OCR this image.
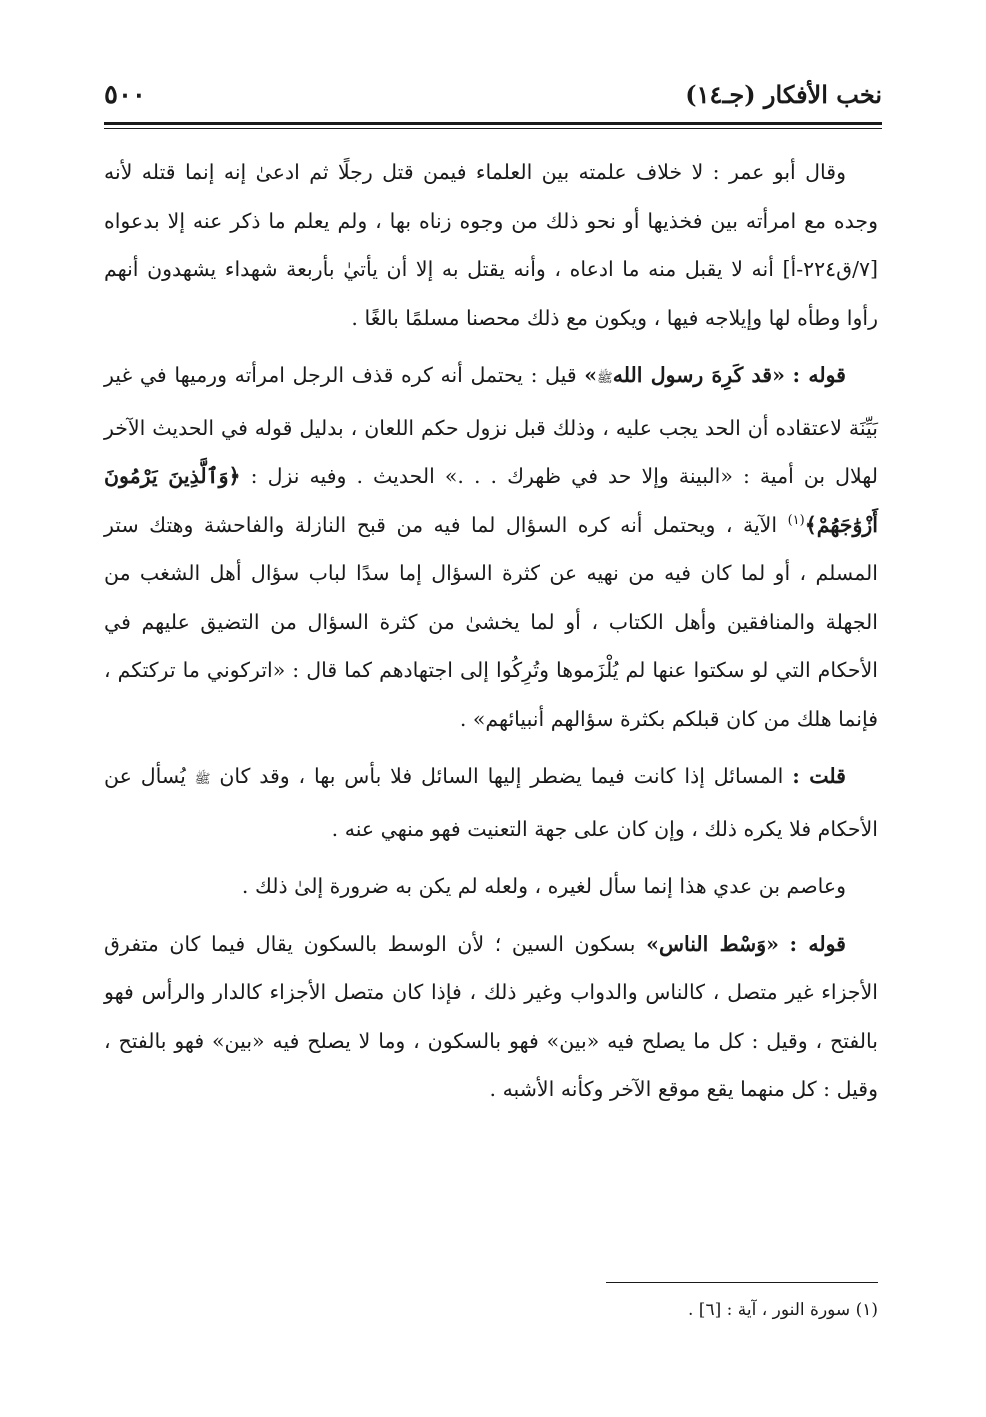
نخب الأفكار (جـ١٤)
٥٠٠

وقال أبو عمر : لا خلاف علمته بين العلماء فيمن قتل رجلًا ثم ادعىٰ إنه إنما قتله لأنه وجده مع امرأته بين فخذيها أو نحو ذلك من وجوه زناه بها ، ولم يعلم ما ذكر عنه إلا بدعواه [٧/ق٢٢٤-أ] أنه لا يقبل منه ما ادعاه ، وأنه يقتل به إلا أن يأتيٰ بأربعة شهداء يشهدون أنهم رأوا وطأه لها وإيلاجه فيها ، ويكون مع ذلك محصنا مسلمًا بالغًا .

قوله : «قد كَرِهَ رسول اللهﷺ» قيل : يحتمل أنه كره قذف الرجل امرأته ورميها في غير بَيِّنَة لاعتقاده أن الحد يجب عليه ، وذلك قبل نزول حكم اللعان ، بدليل قوله في الحديث الآخر لهلال بن أمية : «البينة وإلا حد في ظهرك . . .» الحديث . وفيه نزل : ﴿وَٱلَّذِينَ يَرْمُونَ أَزْوَٰجَهُمْ﴾$^{(١)}$ الآية ، ويحتمل أنه كره السؤال لما فيه من قبح النازلة والفاحشة وهتك ستر المسلم ، أو لما كان فيه من نهيه عن كثرة السؤال إما سدًا لباب سؤال أهل الشغب من الجهلة والمنافقين وأهل الكتاب ، أو لما يخشىٰ من كثرة السؤال من التضيق عليهم في الأحكام التي لو سكتوا عنها لم يُلْزَموها وتُرِكُوا إلى اجتهادهم كما قال : «اتركوني ما تركتكم ، فإنما هلك من كان قبلكم بكثرة سؤالهم أنبيائهم» .

قلت : المسائل إذا كانت فيما يضطر إليها السائل فلا بأس بها ، وقد كان ﷺ يُسأل عن الأحكام فلا يكره ذلك ، وإن كان على جهة التعنيت فهو منهي عنه .

وعاصم بن عدي هذا إنما سأل لغيره ، ولعله لم يكن به ضرورة إلىٰ ذلك .

قوله : «وَسْط الناس» بسكون السين ؛ لأن الوسط بالسكون يقال فيما كان متفرق الأجزاء غير متصل ، كالناس والدواب وغير ذلك ، فإذا كان متصل الأجزاء كالدار والرأس فهو بالفتح ، وقيل : كل ما يصلح فيه «بين» فهو بالسكون ، وما لا يصلح فيه «بين» فهو بالفتح ، وقيل : كل منهما يقع موقع الآخر وكأنه الأشبه .

(١) سورة النور ، آية : [٦] .
